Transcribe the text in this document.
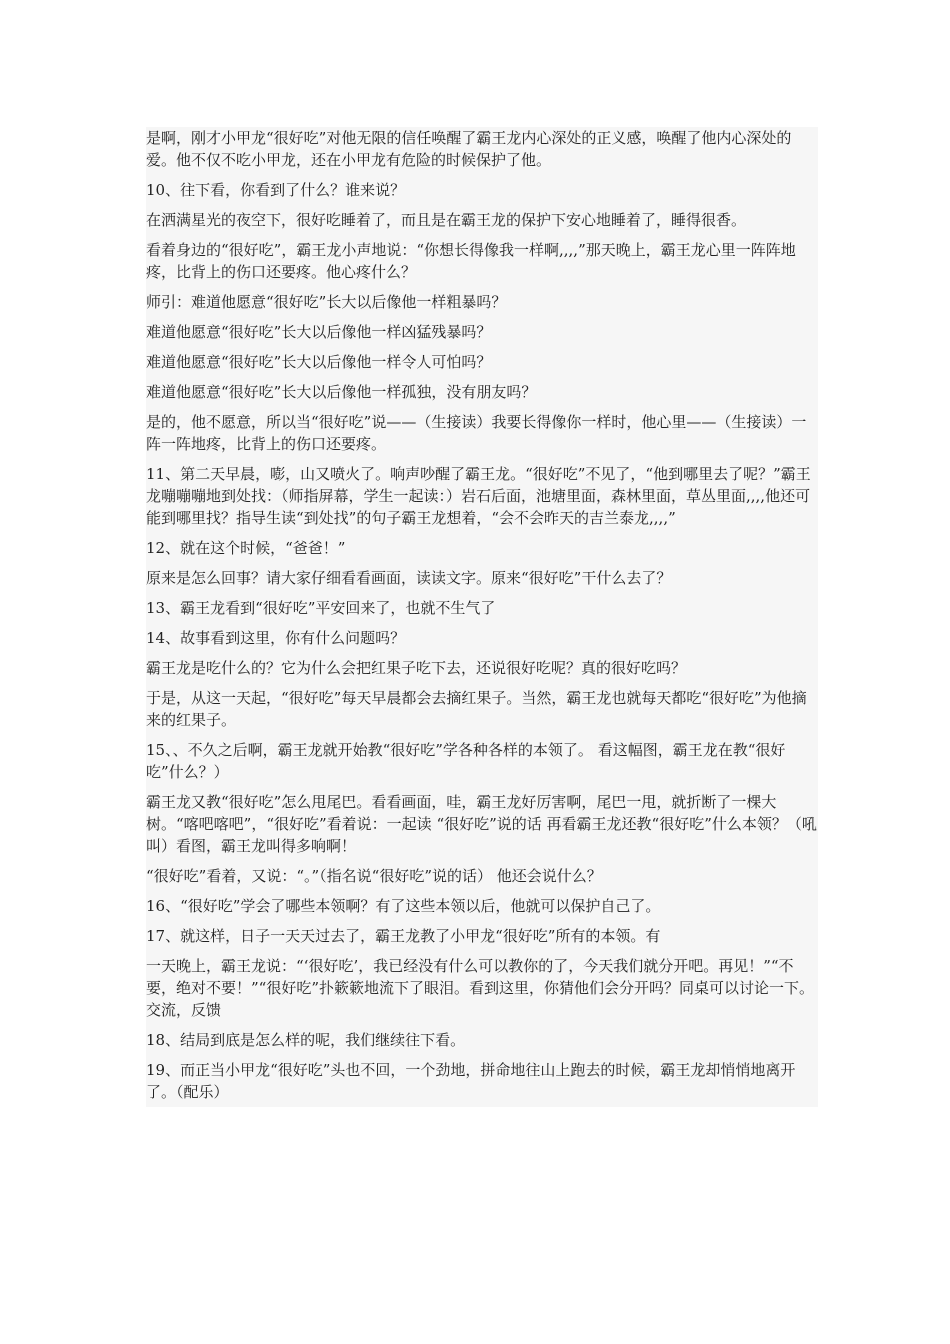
是啊，刚才小甲龙“很好吃”对他无限的信任唤醒了霸王龙内心深处的正义感，唤醒了他内心深处的爱。他不仅不吃小甲龙，还在小甲龙有危险的时候保护了他。

10、往下看，你看到了什么？谁来说？

在洒满星光的夜空下，很好吃睡着了，而且是在霸王龙的保护下安心地睡着了，睡得很香。

看着身边的“很好吃”，霸王龙小声地说：“你想长得像我一样啊,,,,”那天晚上，霸王龙心里一阵阵地疼，比背上的伤口还要疼。他心疼什么？

师引：难道他愿意“很好吃”长大以后像他一样粗暴吗？

难道他愿意“很好吃”长大以后像他一样凶猛残暴吗？

难道他愿意“很好吃”长大以后像他一样令人可怕吗？

难道他愿意“很好吃”长大以后像他一样孤独，没有朋友吗？

是的，他不愿意，所以当“很好吃”说——（生接读）我要长得像你一样时，他心里——（生接读）一阵一阵地疼，比背上的伤口还要疼。

11、第二天早晨，嘭，山又喷火了。响声吵醒了霸王龙。“很好吃”不见了，“他到哪里去了呢？”霸王龙嘣嘣嘣地到处找：（师指屏幕，学生一起读：）岩石后面，池塘里面，森林里面，草丛里面,,,,他还可能到哪里找？指导生读“到处找”的句子霸王龙想着，“会不会昨天的吉兰泰龙,,,,”

12、就在这个时候，“爸爸！”

原来是怎么回事？请大家仔细看看画面，读读文字。原来“很好吃”干什么去了？

13、霸王龙看到“很好吃”平安回来了，也就不生气了

14、故事看到这里，你有什么问题吗？

霸王龙是吃什么的？它为什么会把红果子吃下去，还说很好吃呢？真的很好吃吗？

于是，从这一天起，“很好吃”每天早晨都会去摘红果子。当然，霸王龙也就每天都吃“很好吃”为他摘来的红果子。

15、、不久之后啊，霸王龙就开始教“很好吃”学各种各样的本领了。 看这幅图，霸王龙在教“很好吃”什么？）

霸王龙又教“很好吃”怎么甩尾巴。看看画面，哇，霸王龙好厉害啊，尾巴一甩，就折断了一棵大树。“喀吧喀吧”，“很好吃”看着说：一起读 “很好吃”说的话 再看霸王龙还教“很好吃”什么本领？（吼叫）看图，霸王龙叫得多响啊！

“很好吃”看着，又说：“。”（指名说“很好吃”说的话） 他还会说什么？

16、“很好吃”学会了哪些本领啊？有了这些本领以后，他就可以保护自己了。

17、就这样，日子一天天过去了，霸王龙教了小甲龙“很好吃”所有的本领。有

一天晚上，霸王龙说：“‘很好吃’，我已经没有什么可以教你的了，今天我们就分开吧。再见！”“不要，绝对不要！”“很好吃”扑簌簌地流下了眼泪。看到这里，你猜他们会分开吗？同桌可以讨论一下。交流，反馈

18、结局到底是怎么样的呢，我们继续往下看。

19、而正当小甲龙“很好吃”头也不回，一个劲地，拼命地往山上跑去的时候，霸王龙却悄悄地离开了。（配乐）
